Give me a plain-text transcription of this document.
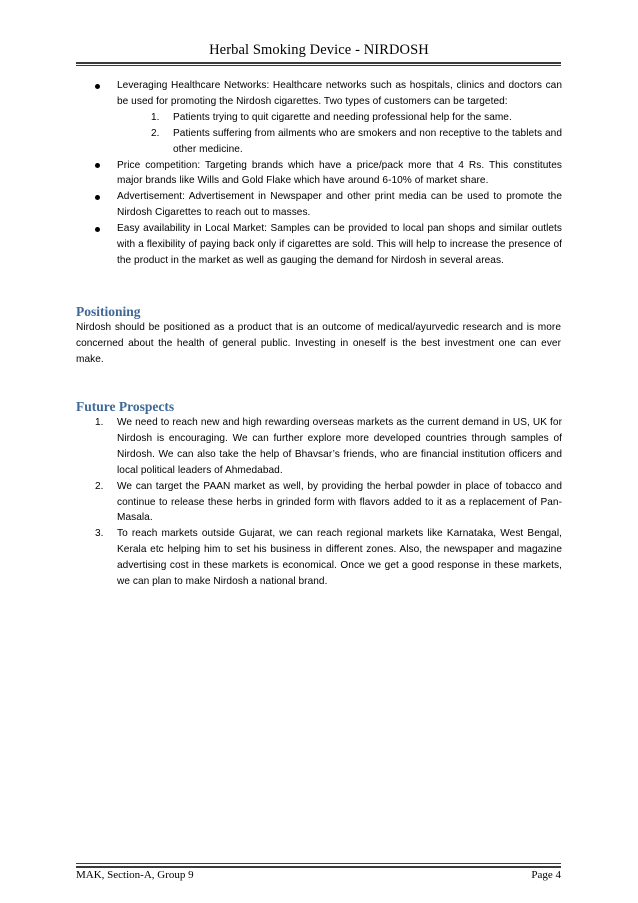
Herbal Smoking Device - NIRDOSH
Leveraging Healthcare Networks: Healthcare networks such as hospitals, clinics and doctors can be used for promoting the Nirdosh cigarettes. Two types of customers can be targeted:
1. Patients trying to quit cigarette and needing professional help for the same.
2. Patients suffering from ailments who are smokers and non receptive to the tablets and other medicine.
Price competition: Targeting brands which have a price/pack more that 4 Rs. This constitutes major brands like Wills and Gold Flake which have around 6-10% of market share.
Advertisement: Advertisement in Newspaper and other print media can be used to promote the Nirdosh Cigarettes to reach out to masses.
Easy availability in Local Market: Samples can be provided to local pan shops and similar outlets with a flexibility of paying back only if cigarettes are sold. This will help to increase the presence of the product in the market as well as gauging the demand for Nirdosh in several areas.
Positioning

Nirdosh should be positioned as a product that is an outcome of medical/ayurvedic research and is more concerned about the health of general public. Investing in oneself is the best investment one can ever make.

Future Prospects
1. We need to reach new and high rewarding overseas markets as the current demand in US, UK for Nirdosh is encouraging. We can further explore more developed countries through samples of Nirdosh. We can also take the help of Bhavsar’s friends, who are financial institution officers and local political leaders of Ahmedabad.
2. We can target the PAAN market as well, by providing the herbal powder in place of tobacco and continue to release these herbs in grinded form with flavors added to it as a replacement of Pan-Masala.
3. To reach markets outside Gujarat, we can reach regional markets like Karnataka, West Bengal, Kerala etc helping him to set his business in different zones. Also, the newspaper and magazine advertising cost in these markets is economical. Once we get a good response in these markets, we can plan to make Nirdosh a national brand.
MAK, Section-A, Group 9	Page 4
